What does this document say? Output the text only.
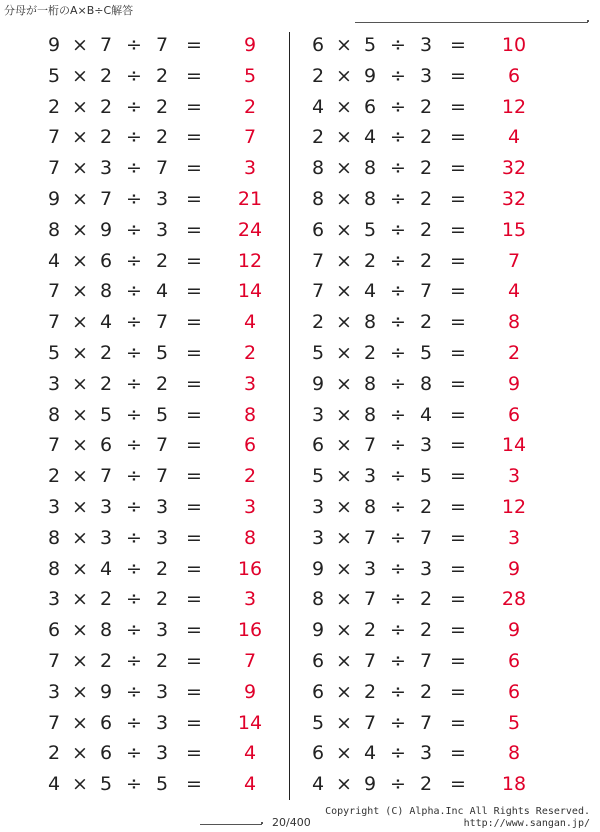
分母が一桁のA×B÷C解答
9 × 7 ÷ 7 =	9
5 × 2 ÷ 2 =	5
2 × 2 ÷ 2 =	2
7 × 2 ÷ 2 =	7
7 × 3 ÷ 7 =	3
9 × 7 ÷ 3 =	21
8 × 9 ÷ 3 =	24
4 × 6 ÷ 2 =	12
7 × 8 ÷ 4 =	14
7 × 4 ÷ 7 =	4
5 × 2 ÷ 5 =	2
3 × 2 ÷ 2 =	3
8 × 5 ÷ 5 =	8
7 × 6 ÷ 7 =	6
2 × 7 ÷ 7 =	2
3 × 3 ÷ 3 =	3
8 × 3 ÷ 3 =	8
8 × 4 ÷ 2 =	16
3 × 2 ÷ 2 =	3
6 × 8 ÷ 3 =	16
7 × 2 ÷ 2 =	7
3 × 9 ÷ 3 =	9
7 × 6 ÷ 3 =	14
2 × 6 ÷ 3 =	4
4 × 5 ÷ 5 =	4
6 × 5 ÷ 3 =	10
2 × 9 ÷ 3 =	6
4 × 6 ÷ 2 =	12
2 × 4 ÷ 2 =	4
8 × 8 ÷ 2 =	32
8 × 8 ÷ 2 =	32
6 × 5 ÷ 2 =	15
7 × 2 ÷ 2 =	7
7 × 4 ÷ 7 =	4
2 × 8 ÷ 2 =	8
5 × 2 ÷ 5 =	2
9 × 8 ÷ 8 =	9
3 × 8 ÷ 4 =	6
6 × 7 ÷ 3 =	14
5 × 3 ÷ 5 =	3
3 × 8 ÷ 2 =	12
3 × 7 ÷ 7 =	3
9 × 3 ÷ 3 =	9
8 × 7 ÷ 2 =	28
9 × 2 ÷ 2 =	9
6 × 7 ÷ 7 =	6
6 × 2 ÷ 2 =	6
5 × 7 ÷ 7 =	5
6 × 4 ÷ 3 =	8
4 × 9 ÷ 2 =	18
20/400
Copyright (C) Alpha.Inc All Rights Reserved.
http://www.sangan.jp/
